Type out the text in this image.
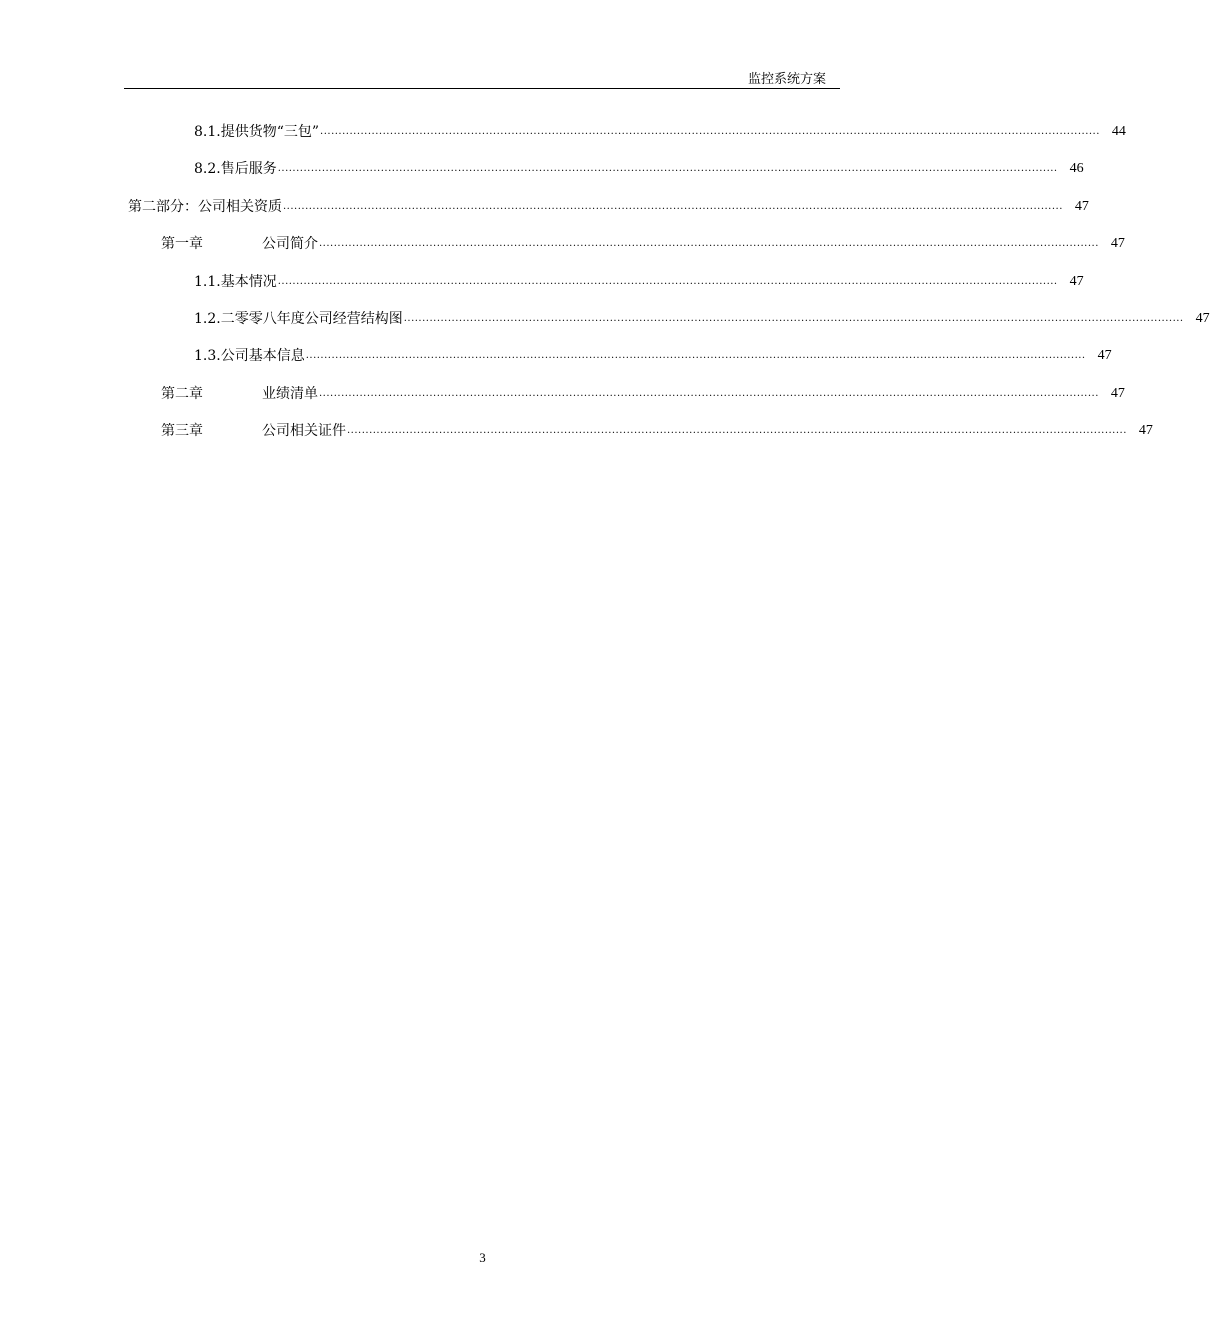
监控系统方案
8.1.提供货物“三包” .................................................................................................................................................................................................................... 44
8.2.售后服务 .................................................................................................................................................................................................................... 46
第二部分：公司相关资质 .................................................................................................................................................................................................................... 47
第一章	公司简介 .................................................................................................................................................................................................................... 47
1.1.基本情况 .................................................................................................................................................................................................................... 47
1.2.二零零八年度公司经营结构图 .................................................................................................................................................................................................................... 47
1.3.公司基本信息 .................................................................................................................................................................................................................... 47
第二章	业绩清单 .................................................................................................................................................................................................................... 47
第三章	公司相关证件 .................................................................................................................................................................................................................... 47
3
